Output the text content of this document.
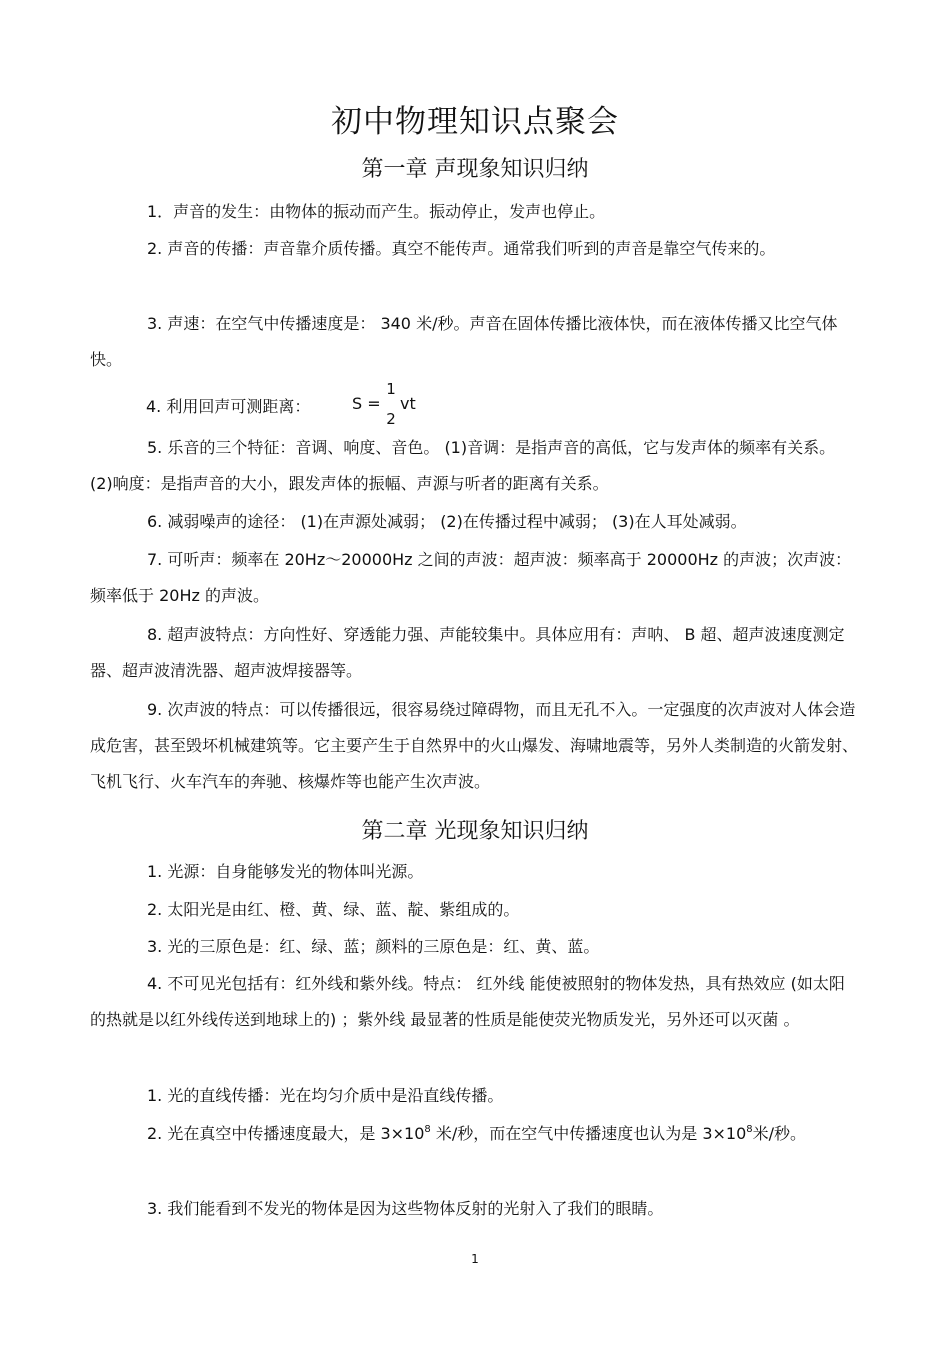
初中物理知识点聚会
第一章 声现象知识归纳
1．声音的发生：由物体的振动而产生。振动停止，发声也停止。
2. 声音的传播：声音靠介质传播。真空不能传声。通常我们听到的声音是靠空气传来的。
3. 声速：在空气中传播速度是： 340 米/秒。声音在固体传播比液体快，而在液体传播又比空气体快。
4. 利用回声可测距离：	S =
1
2
vt
5. 乐音的三个特征：音调、响度、音色。 (1)音调：是指声音的高低，它与发声体的频率有关系。 (2)响度：是指声音的大小，跟发声体的振幅、声源与听者的距离有关系。
6. 减弱噪声的途径： (1)在声源处减弱； (2)在传播过程中减弱； (3)在人耳处减弱。
7. 可听声：频率在 20Hz～20000Hz 之间的声波：超声波：频率高于 20000Hz 的声波；次声波：频率低于 20Hz 的声波。
8. 超声波特点：方向性好、穿透能力强、声能较集中。具体应用有：声呐、 B 超、超声波速度测定器、超声波清洗器、超声波焊接器等。
9. 次声波的特点：可以传播很远，很容易绕过障碍物，而且无孔不入。一定强度的次声波对人体会造成危害，甚至毁坏机械建筑等。它主要产生于自然界中的火山爆发、海啸地震等，另外人类制造的火箭发射、飞机飞行、火车汽车的奔驰、核爆炸等也能产生次声波。
第二章 光现象知识归纳
1. 光源：自身能够发光的物体叫光源。
2. 太阳光是由红、橙、黄、绿、蓝、靛、紫组成的。
3. 光的三原色是：红、绿、蓝；颜料的三原色是：红、黄、蓝。
4. 不可见光包括有：红外线和紫外线。特点： 红外线 能使被照射的物体发热，具有热效应 (如太阳的热就是以红外线传送到地球上的) ；紫外线 最显著的性质是能使荧光物质发光，另外还可以灭菌 。
1. 光的直线传播：光在均匀介质中是沿直线传播。
2. 光在真空中传播速度最大，是 $3\times 10^8$ 米/秒，而在空气中传播速度也认为是 $3\times 10^8$米/秒。
3. 我们能看到不发光的物体是因为这些物体反射的光射入了我们的眼睛。
1
